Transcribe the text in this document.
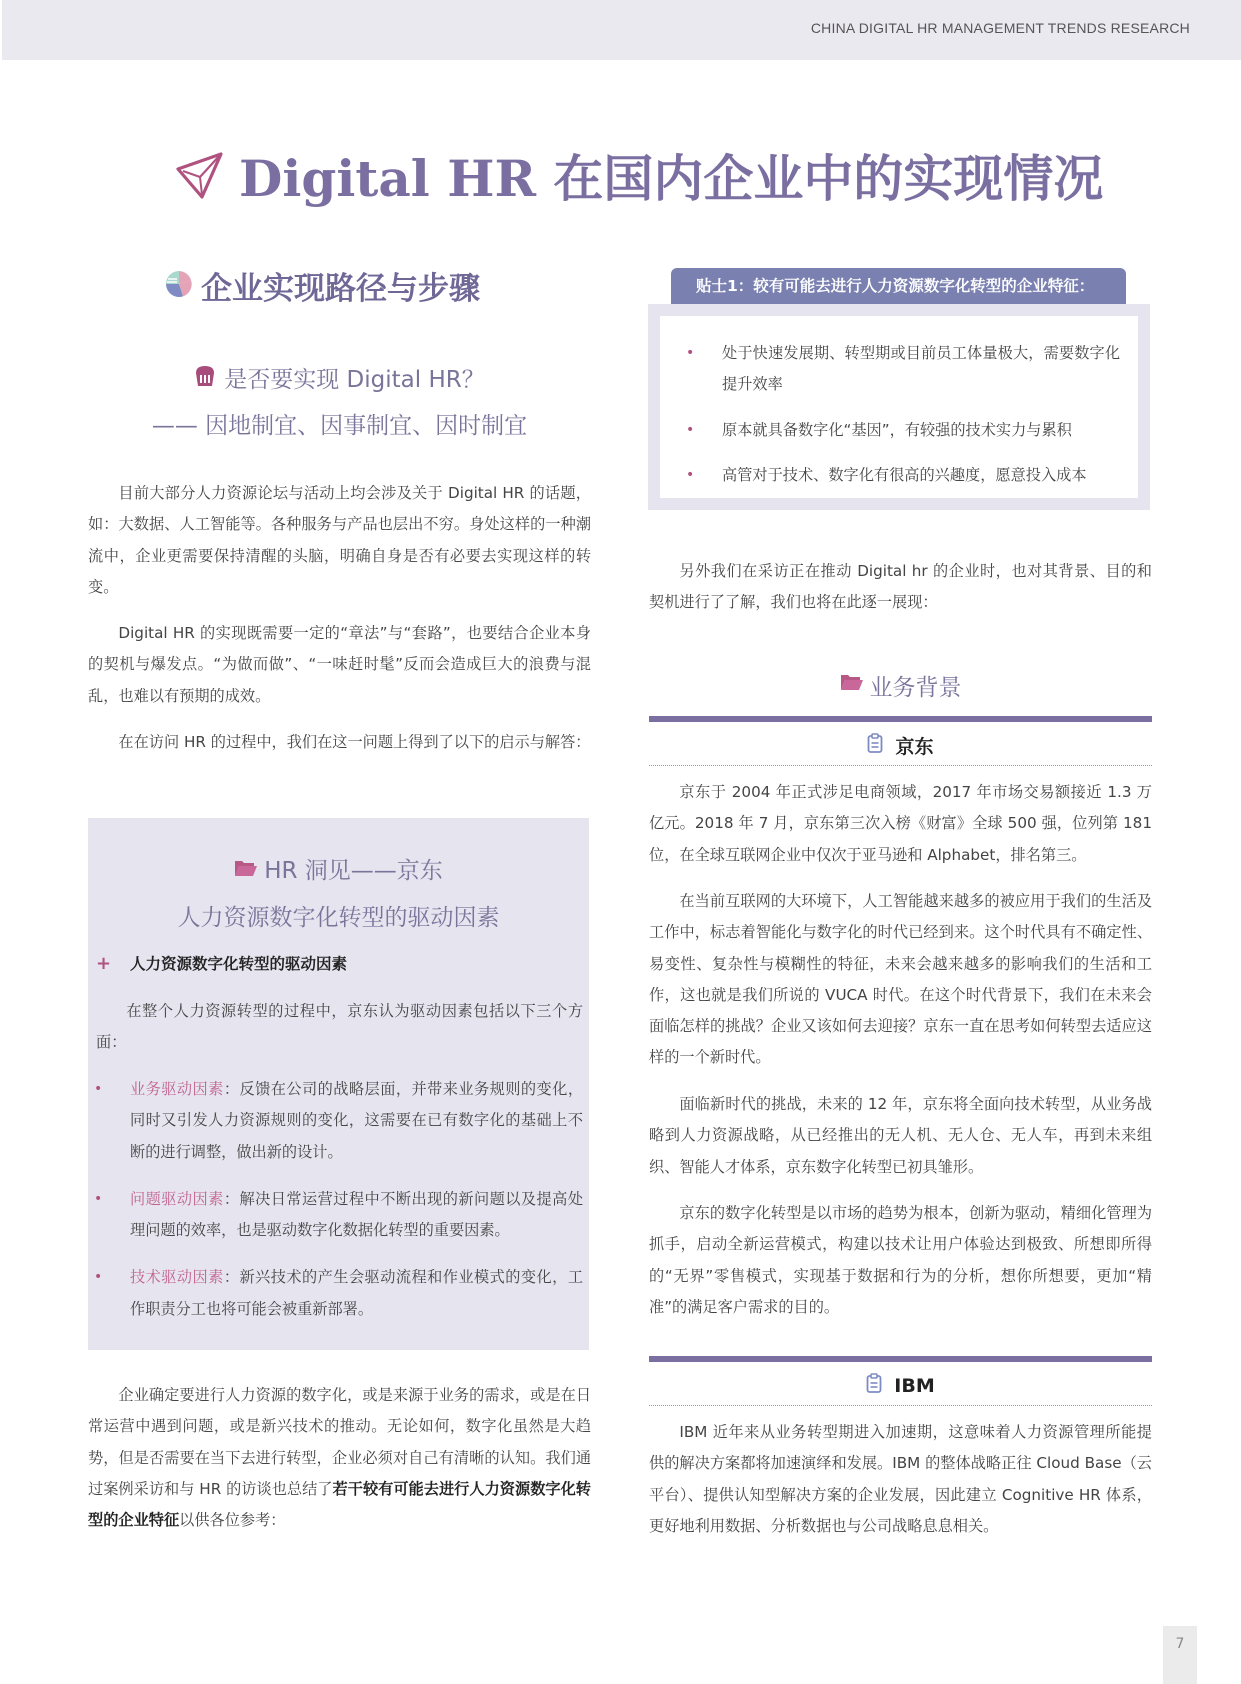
CHINA DIGITAL HR MANAGEMENT TRENDS RESEARCH
Digital HR 在国内企业中的实现情况
企业实现路径与步骤
是否要实现 Digital HR？
—— 因地制宜、因事制宜、因时制宜

目前大部分人力资源论坛与活动上均会涉及关于 Digital HR 的话题，如：大数据、人工智能等。各种服务与产品也层出不穷。身处这样的一种潮流中，企业更需要保持清醒的头脑，明确自身是否有必要去实现这样的转变。

Digital HR 的实现既需要一定的“章法”与“套路”，也要结合企业本身的契机与爆发点。“为做而做”、“一味赶时髦”反而会造成巨大的浪费与混乱，也难以有预期的成效。

在在访问 HR 的过程中，我们在这一问题上得到了以下的启示与解答：

HR 洞见——京东
人力资源数字化转型的驱动因素
+	人力资源数字化转型的驱动因素

在整个人力资源转型的过程中，京东认为驱动因素包括以下三个方面：

• 业务驱动因素：反馈在公司的战略层面，并带来业务规则的变化，同时又引发人力资源规则的变化，这需要在已有数字化的基础上不断的进行调整，做出新的设计。
• 问题驱动因素：解决日常运营过程中不断出现的新问题以及提高处理问题的效率，也是驱动数字化数据化转型的重要因素。
• 技术驱动因素：新兴技术的产生会驱动流程和作业模式的变化，工作职责分工也将可能会被重新部署。

企业确定要进行人力资源的数字化，或是来源于业务的需求，或是在日常运营中遇到问题，或是新兴技术的推动。无论如何，数字化虽然是大趋势，但是否需要在当下去进行转型，企业必须对自己有清晰的认知。我们通过案例采访和与 HR 的访谈也总结了若干较有可能去进行人力资源数字化转型的企业特征以供各位参考：

贴士1：较有可能去进行人力资源数字化转型的企业特征：
• 处于快速发展期、转型期或目前员工体量极大，需要数字化提升效率
• 原本就具备数字化“基因”，有较强的技术实力与累积
• 高管对于技术、数字化有很高的兴趣度，愿意投入成本

另外我们在采访正在推动 Digital hr 的企业时，也对其背景、目的和契机进行了了解，我们也将在此逐一展现：

业务背景
京东

京东于 2004 年正式涉足电商领域，2017 年市场交易额接近 1.3 万亿元。2018 年 7 月，京东第三次入榜《财富》全球 500 强，位列第 181 位，在全球互联网企业中仅次于亚马逊和 Alphabet，排名第三。

在当前互联网的大环境下，人工智能越来越多的被应用于我们的生活及工作中，标志着智能化与数字化的时代已经到来。这个时代具有不确定性、易变性、复杂性与模糊性的特征，未来会越来越多的影响我们的生活和工作，这也就是我们所说的 VUCA 时代。在这个时代背景下，我们在未来会面临怎样的挑战？企业又该如何去迎接？京东一直在思考如何转型去适应这样的一个新时代。

面临新时代的挑战，未来的 12 年，京东将全面向技术转型，从业务战略到人力资源战略，从已经推出的无人机、无人仓、无人车，再到未来组织、智能人才体系，京东数字化转型已初具雏形。

京东的数字化转型是以市场的趋势为根本，创新为驱动，精细化管理为抓手，启动全新运营模式，构建以技术让用户体验达到极致、所想即所得的“无界”零售模式，实现基于数据和行为的分析，想你所想要，更加“精准”的满足客户需求的目的。

IBM

IBM 近年来从业务转型期进入加速期，这意味着人力资源管理所能提供的解决方案都将加速演绎和发展。IBM 的整体战略正往 Cloud Base（云平台）、提供认知型解决方案的企业发展，因此建立 Cognitive HR 体系，更好地利用数据、分析数据也与公司战略息息相关。

7
